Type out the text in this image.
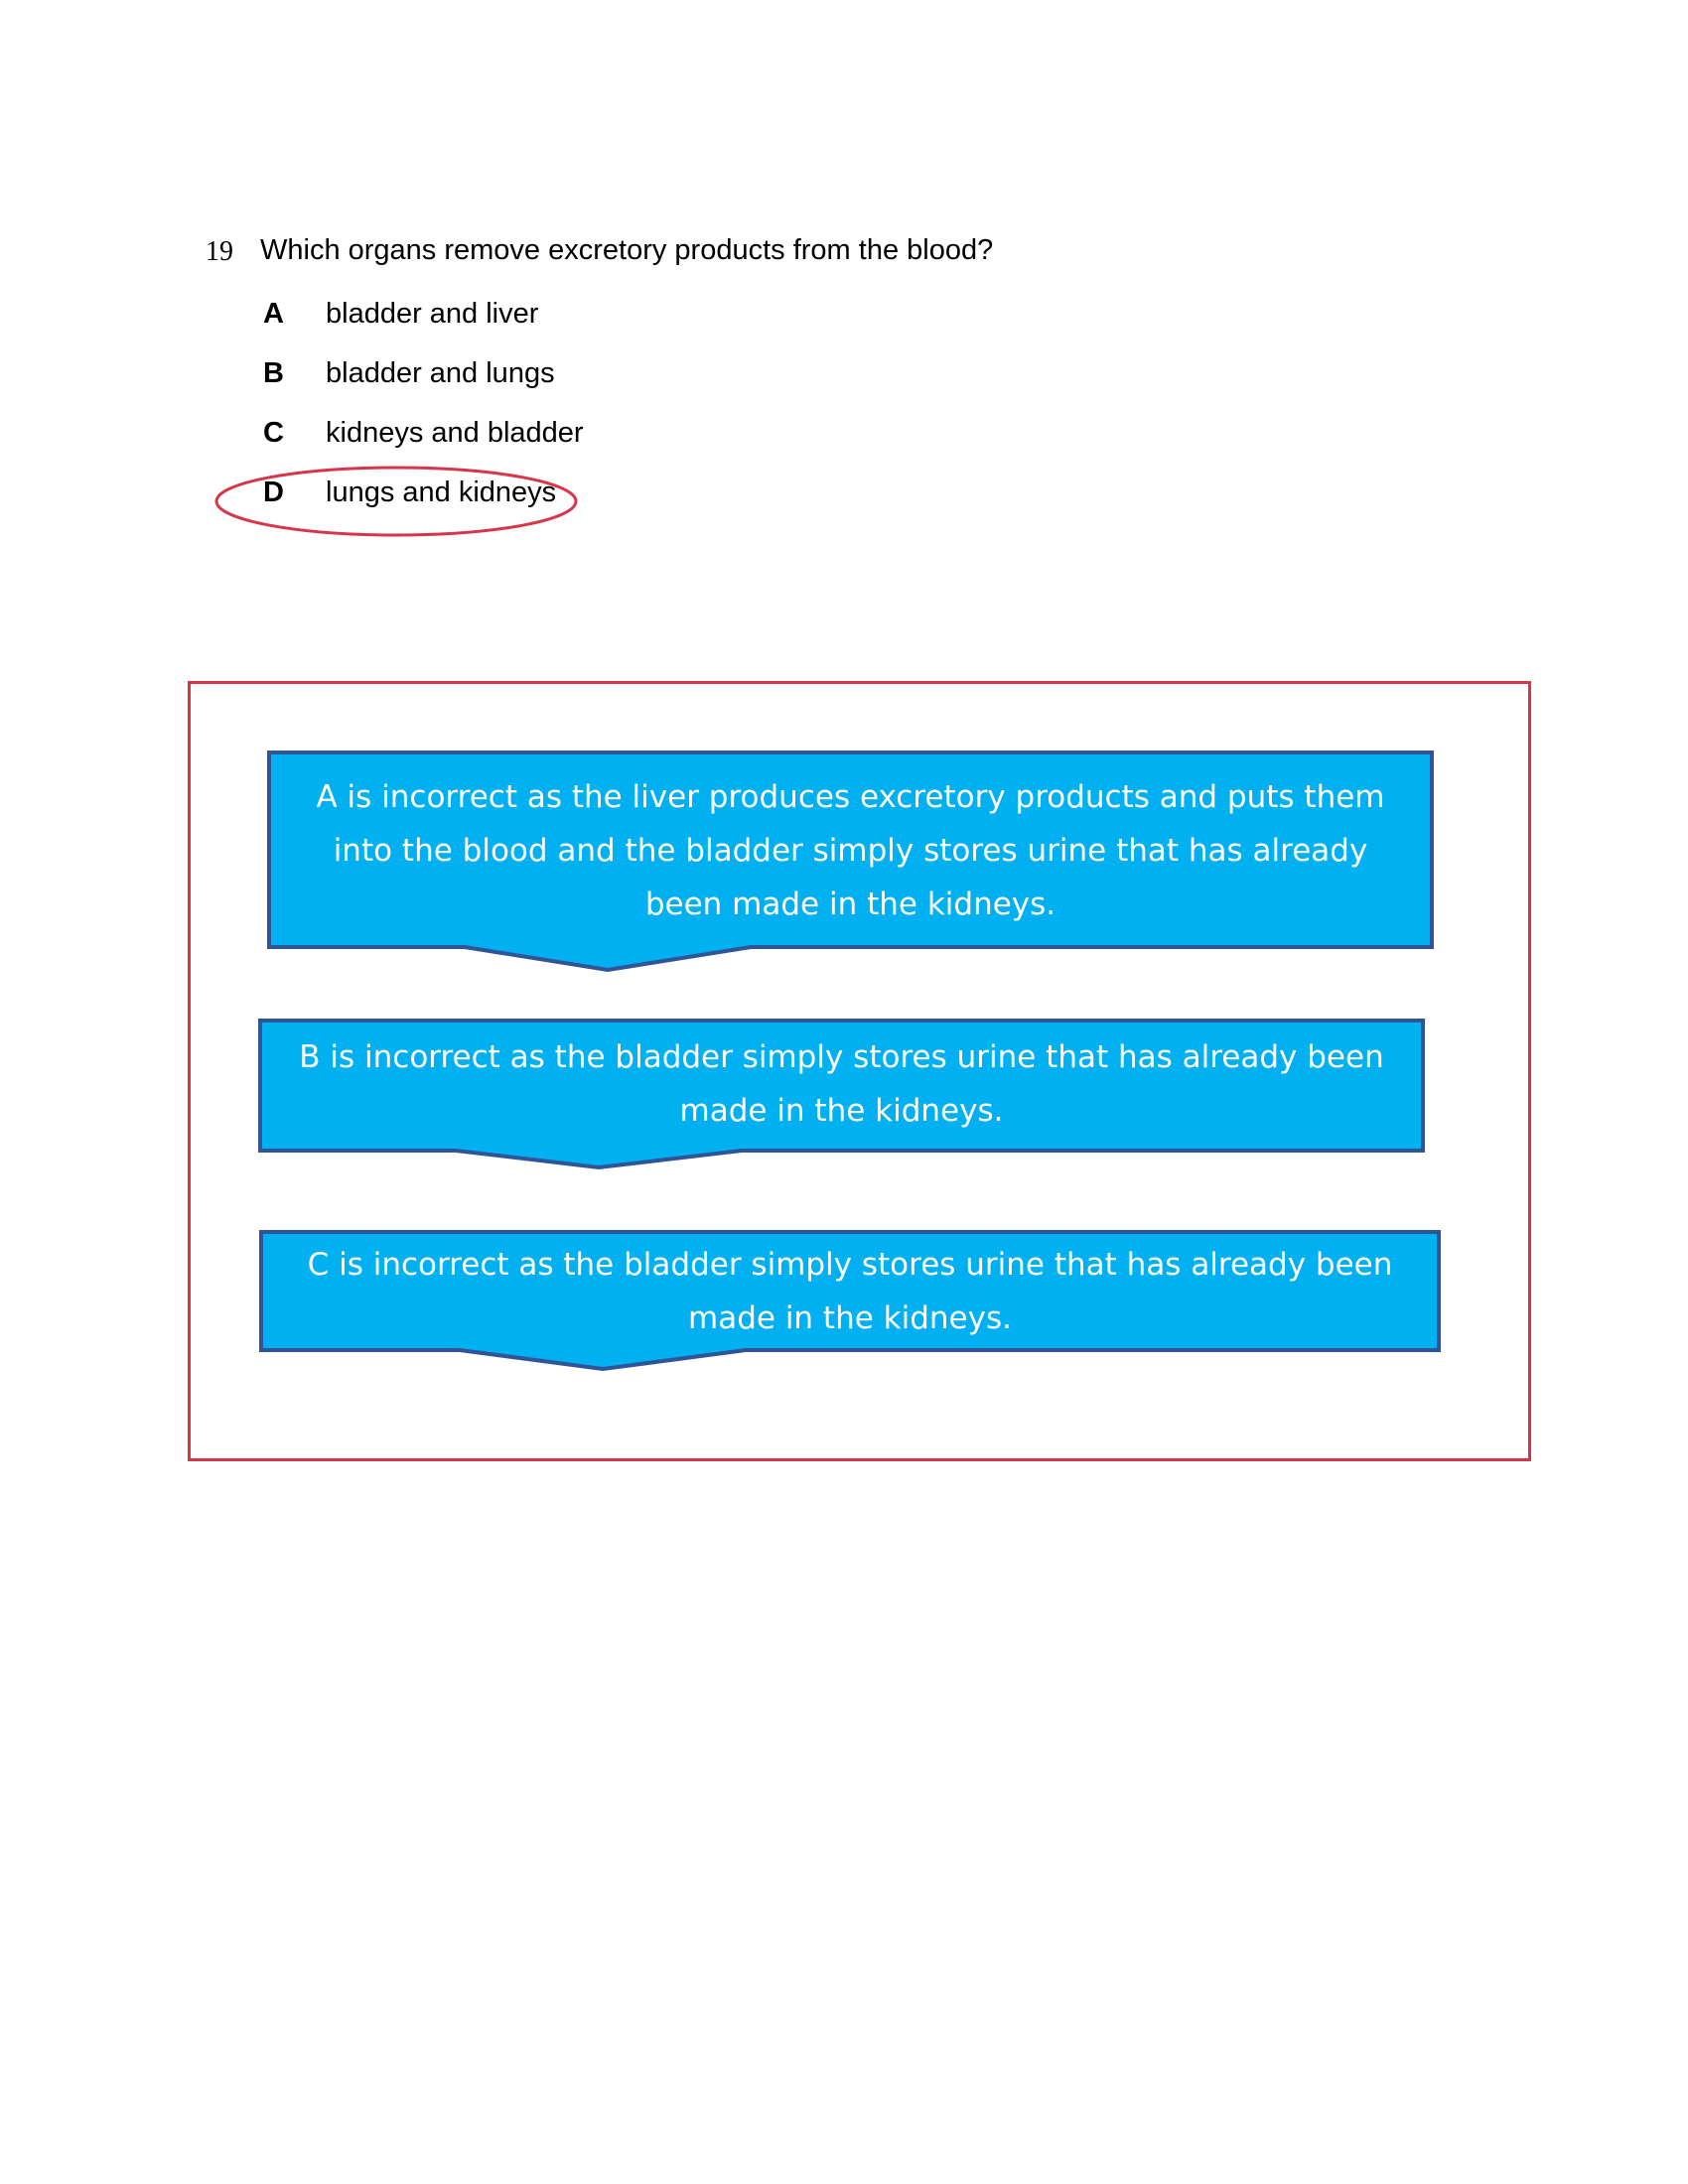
19 Which organs remove excretory products from the blood?
A	bladder and liver
B	bladder and lungs
C	kidneys and bladder
D	lungs and kidneys
A is incorrect as the liver produces excretory products and puts them into the blood and the bladder simply stores urine that has already been made in the kidneys.
B is incorrect as the bladder simply stores urine that has already been made in the kidneys.
C is incorrect as the bladder simply stores urine that has already been made in the kidneys.
